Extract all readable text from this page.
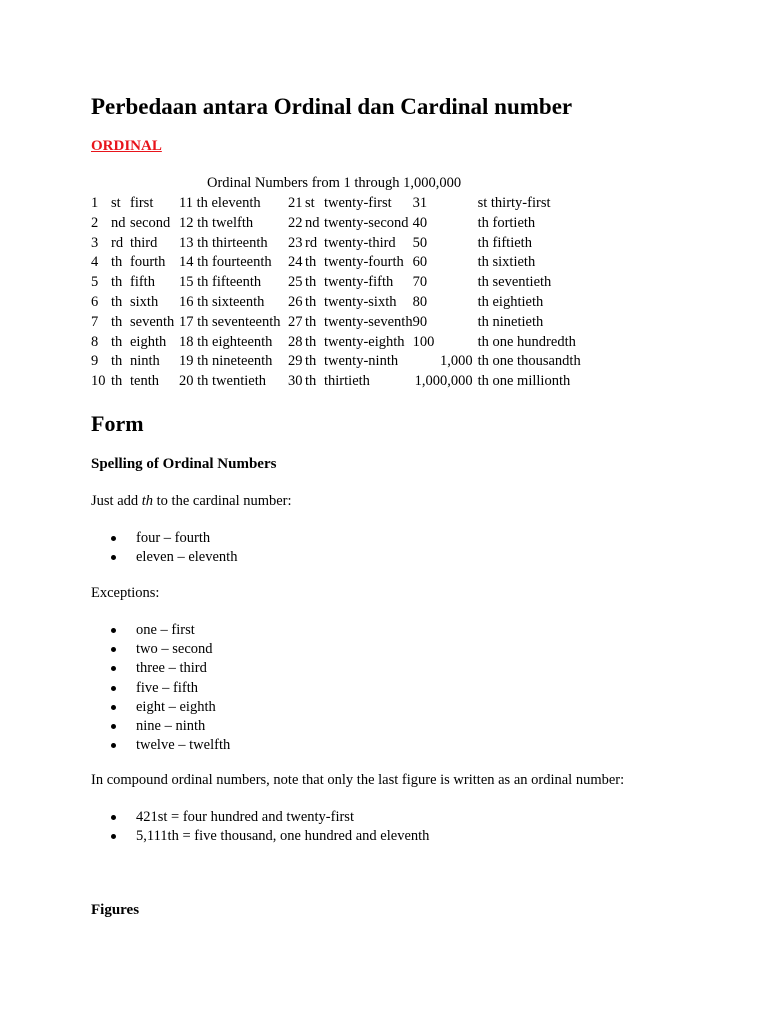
Perbedaan antara Ordinal dan Cardinal number
ORDINAL
Ordinal Numbers from 1 through 1,000,000
1	st	first	11 th eleventh	21	st	twenty-first	31	st thirty-first
2	nd	second	12 th twelfth	22	nd	twenty-second	40	th fortieth
3	rd	third	13 th thirteenth	23	rd	twenty-third	50	th fiftieth
4	th	fourth	14 th fourteenth	24	th	twenty-fourth	60	th sixtieth
5	th	fifth	15 th fifteenth	25	th	twenty-fifth	70	th seventieth
6	th	sixth	16 th sixteenth	26	th	twenty-sixth	80	th eightieth
7	th	seventh	17 th seventeenth	27	th	twenty-seventh	90	th ninetieth
8	th	eighth	18 th eighteenth	28	th	twenty-eighth	100	th one hundredth
9	th	ninth	19 th nineteenth	29	th	twenty-ninth	1,000	th one thousandth
10	th	tenth	20 th twentieth	30	th	thirtieth	1,000,000	th one millionth
Form
Spelling of Ordinal Numbers

Just add th to the cardinal number:

four – fourth
eleven – eleventh

Exceptions:

one – first
two – second
three – third
five – fifth
eight – eighth
nine – ninth
twelve – twelfth

In compound ordinal numbers, note that only the last figure is written as an ordinal number:

421st = four hundred and twenty-first
5,111th = five thousand, one hundred and eleventh
Figures
